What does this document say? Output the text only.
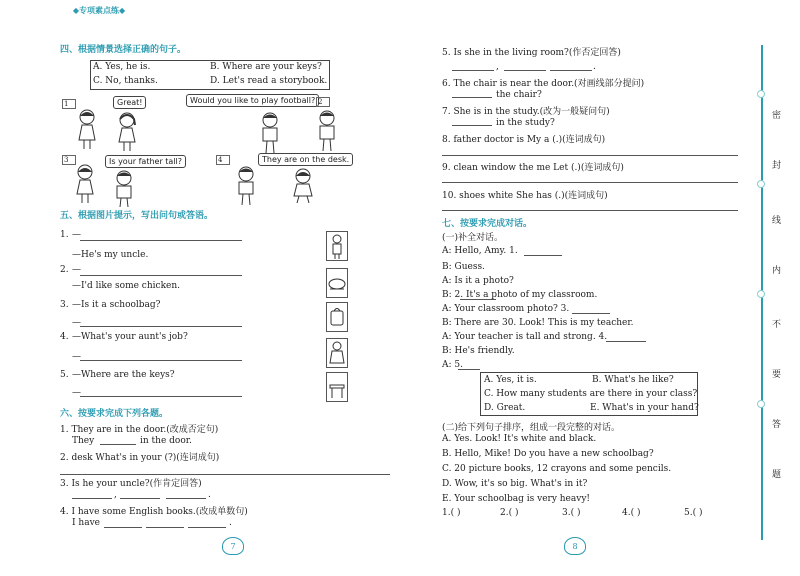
◆ 专项素点练 ◆
四、根据情景选择正确的句子。
A. Yes, he is.	B. Where are your keys?
C. No, thanks.	D. Let's read a storybook.
1	Great!	Would you like to play football? 2
3	Is your father tall?	4	They are on the desk.
五、根据图片提示，写出问句或答语。
1. —
—He's my uncle.
2. —
—I'd like some chicken.
3. —Is it a schoolbag?
—
4. —What's your aunt's job?
—
5. —Where are the keys?
—
六、按要求完成下列各题。
1. They are in the door.(改成否定句)
They	in the door.
2. desk What's in your (?)(连词成句)
3. Is he your uncle?(作肯定回答)
,	.
4. I have some English books.(改成单数句)
I have	.
7
5. Is she in the living room?(作否定回答)
,	.
6. The chair is near the door.(对画线部分提问)
the chair?
7. She is in the study.(改为一般疑问句)
in the study?
8. father doctor is My a (.)(连词成句)
9. clean window the me Let (.)(连词成句)
10. shoes white She has (.)(连词成句)
七、按要求完成对话。
(一)补全对话。
A: Hello, Amy. 1.
B: Guess.
A: Is it a photo?
B: 2. It's a photo of my classroom.
A: Your classroom photo? 3.
B: There are 30. Look! This is my teacher.
A: Your teacher is tall and strong. 4.
B: He's friendly.
A: 5.
A. Yes, it is.	B. What's he like?
C. How many students are there in your class?
D. Great.	E. What's in your hand?
(二)给下列句子排序，组成一段完整的对话。
A. Yes. Look! It's white and black.
B. Hello, Mike! Do you have a new schoolbag?
C. 20 picture books, 12 crayons and some pencils.
D. Wow, it's so big. What's in it?
E. Your schoolbag is very heavy!
1.( )	2.( )	3.( )	4.( )	5.( )
8
密
封
线
内
不
要
答
题
